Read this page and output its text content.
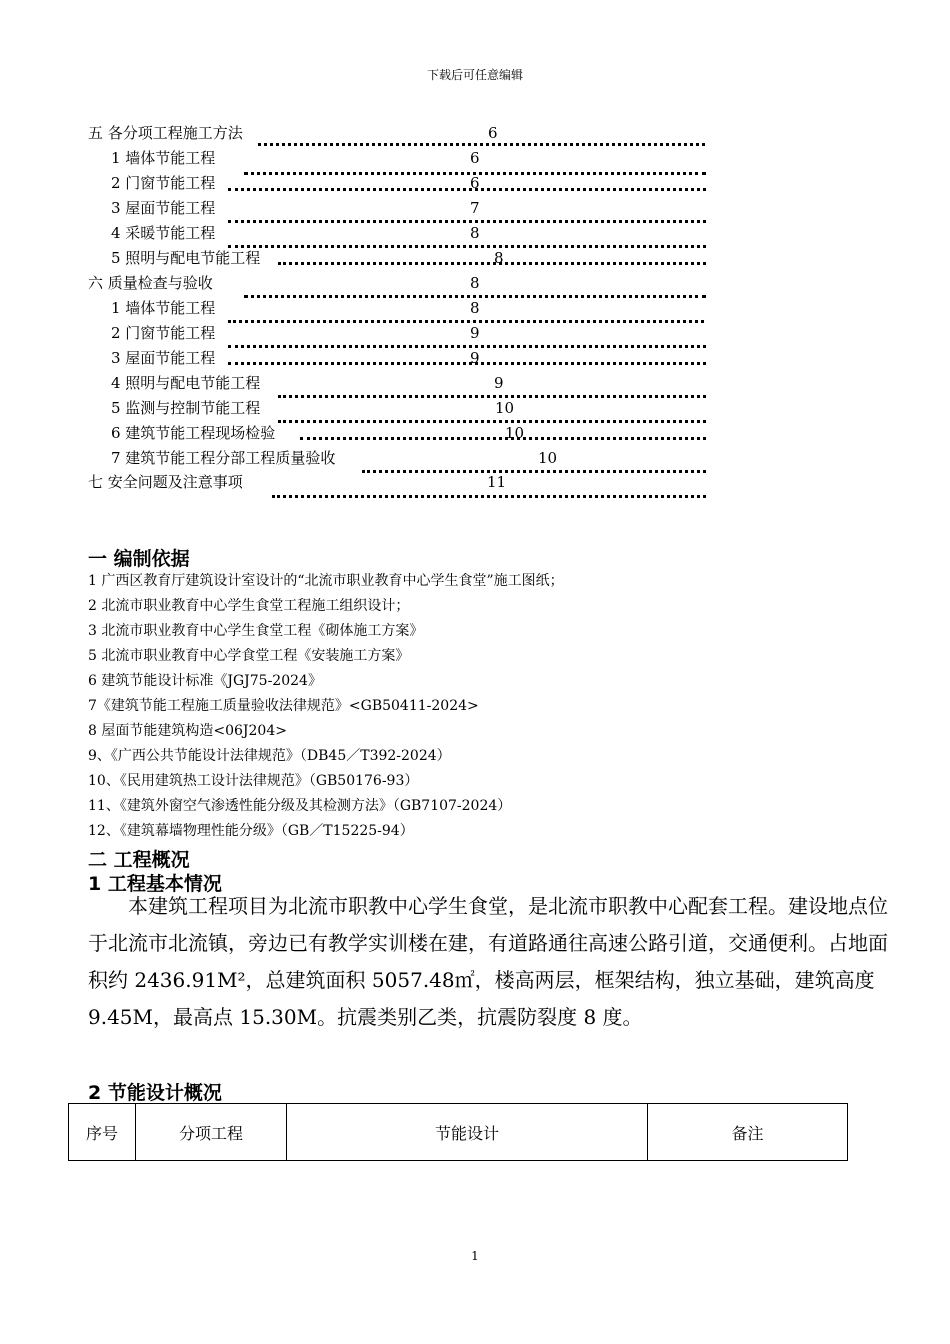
下载后可任意编辑
五 各分项工程施工方法	6
1 墙体节能工程	6
2 门窗节能工程	6
3 屋面节能工程	7
4 采暖节能工程	8
5 照明与配电节能工程	8
六 质量检查与验收	8
1 墙体节能工程	8
2 门窗节能工程	9
3 屋面节能工程	9
4 照明与配电节能工程	9
5 监测与控制节能工程	10
6 建筑节能工程现场检验	10
7 建筑节能工程分部工程质量验收	10
七 安全问题及注意事项	11
一 编制依据
1 广西区教育厅建筑设计室设计的“北流市职业教育中心学生食堂”施工图纸；
2 北流市职业教育中心学生食堂工程施工组织设计；
3 北流市职业教育中心学生食堂工程《砌体施工方案》
5 北流市职业教育中心学食堂工程《安装施工方案》
6 建筑节能设计标准《JGJ75-2024》
7《建筑节能工程施工质量验收法律规范》<GB50411-2024>
8 屋面节能建筑构造<06J204>
9、《广西公共节能设计法律规范》（DB45／T392-2024）
10、《民用建筑热工设计法律规范》（GB50176-93）
11、《建筑外窗空气渗透性能分级及其检测方法》（GB7107-2024）
12、《建筑幕墙物理性能分级》（GB／T15225-94）
二 工程概况
1 工程基本情况
本建筑工程项目为北流市职教中心学生食堂，是北流市职教中心配套工程。建设地点位于北流市北流镇，旁边已有教学实训楼在建，有道路通往高速公路引道，交通便利。占地面积约 2436.91M²，总建筑面积 5057.48㎡，楼高两层，框架结构，独立基础，建筑高度 9.45M，最高点 15.30M。抗震类别乙类，抗震防裂度 8 度。
2 节能设计概况
序号	分项工程	节能设计	备注
1
